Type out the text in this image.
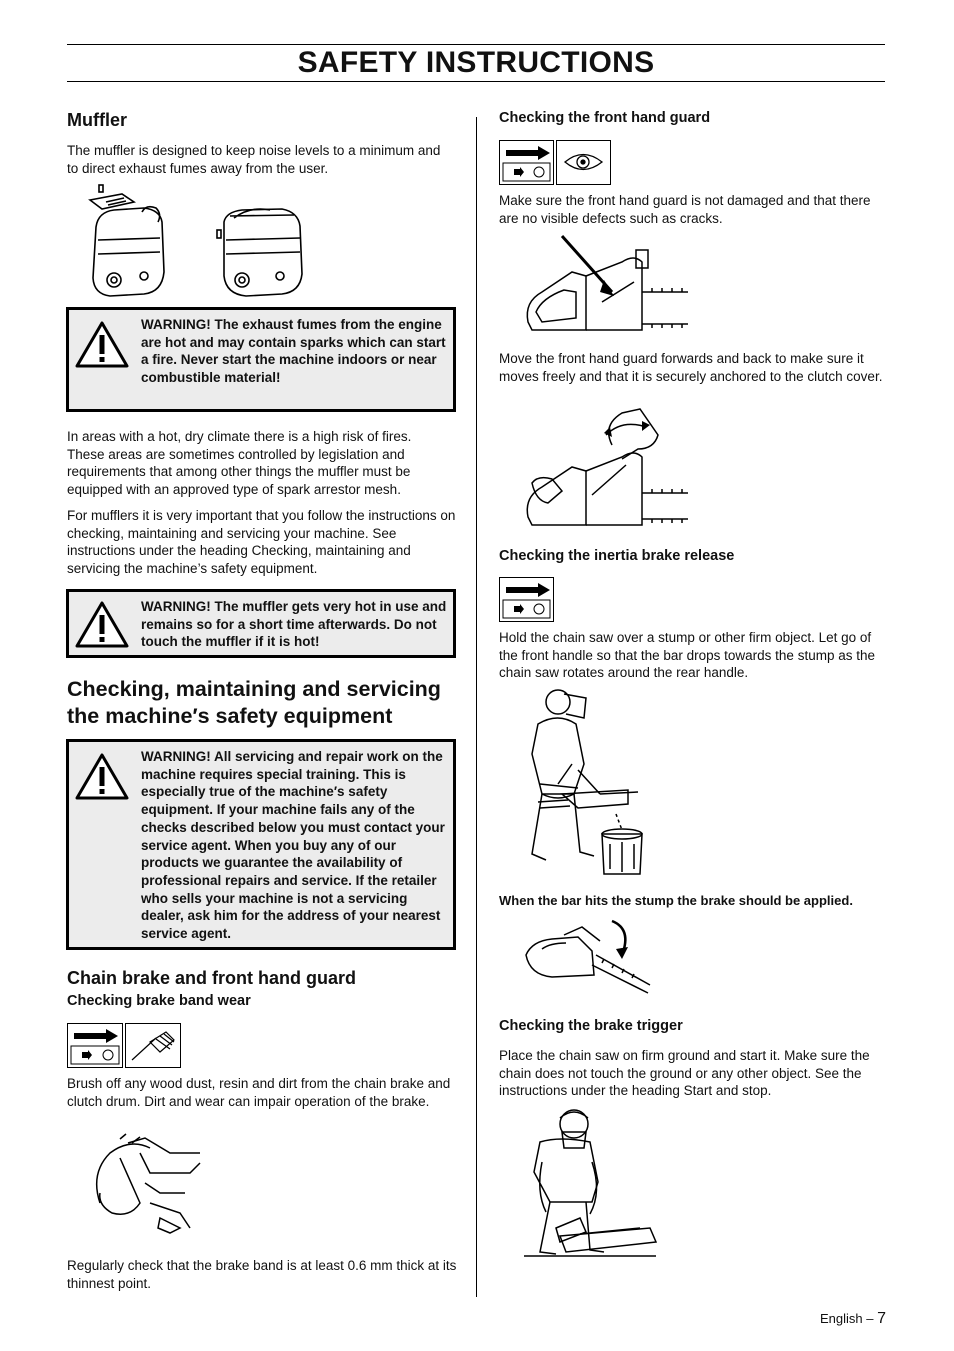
SAFETY INSTRUCTIONS
Muffler

The muffler is designed to keep noise levels to a minimum and to direct exhaust fumes away from the user.

WARNING! The exhaust fumes from the engine are hot and may contain sparks which can start a fire. Never start the machine indoors or near combustible material!

In areas with a hot, dry climate there is a high risk of fires. These areas are sometimes controlled by legislation and requirements that among other things the muffler must be equipped with an approved type of spark arrestor mesh.

For mufflers it is very important that you follow the instructions on checking, maintaining and servicing your machine. See instructions under the heading Checking, maintaining and servicing the machine’s safety equipment.

WARNING! The muffler gets very hot in use and remains so for a short time afterwards. Do not touch the muffler if it is hot!

Checking, maintaining and servicing the machine′s safety equipment

WARNING! All servicing and repair work on the machine requires special training. This is especially true of the machine′s safety equipment. If your machine fails any of the checks described below you must contact your service agent. When you buy any of our products we guarantee the availability of professional repairs and service. If the retailer who sells your machine is not a servicing dealer, ask him for the address of your nearest service agent.

Chain brake and front hand guard
Checking brake band wear

Brush off any wood dust, resin and dirt from the chain brake and clutch drum. Dirt and wear can impair operation of the brake.

Regularly check that the brake band is at least 0.6 mm thick at its thinnest point.

Checking the front hand guard

Make sure the front hand guard is not damaged and that there are no visible defects such as cracks.

Move the front hand guard forwards and back to make sure it moves freely and that it is securely anchored to the clutch cover.

Checking the inertia brake release

Hold the chain saw over a stump or other firm object. Let go of the front handle so that the bar drops towards the stump as the chain saw rotates around the rear handle.

When the bar hits the stump the brake should be applied.

Checking the brake trigger

Place the chain saw on firm ground and start it. Make sure the chain does not touch the ground or any other object. See the instructions under the heading Start and stop.

English – 7
